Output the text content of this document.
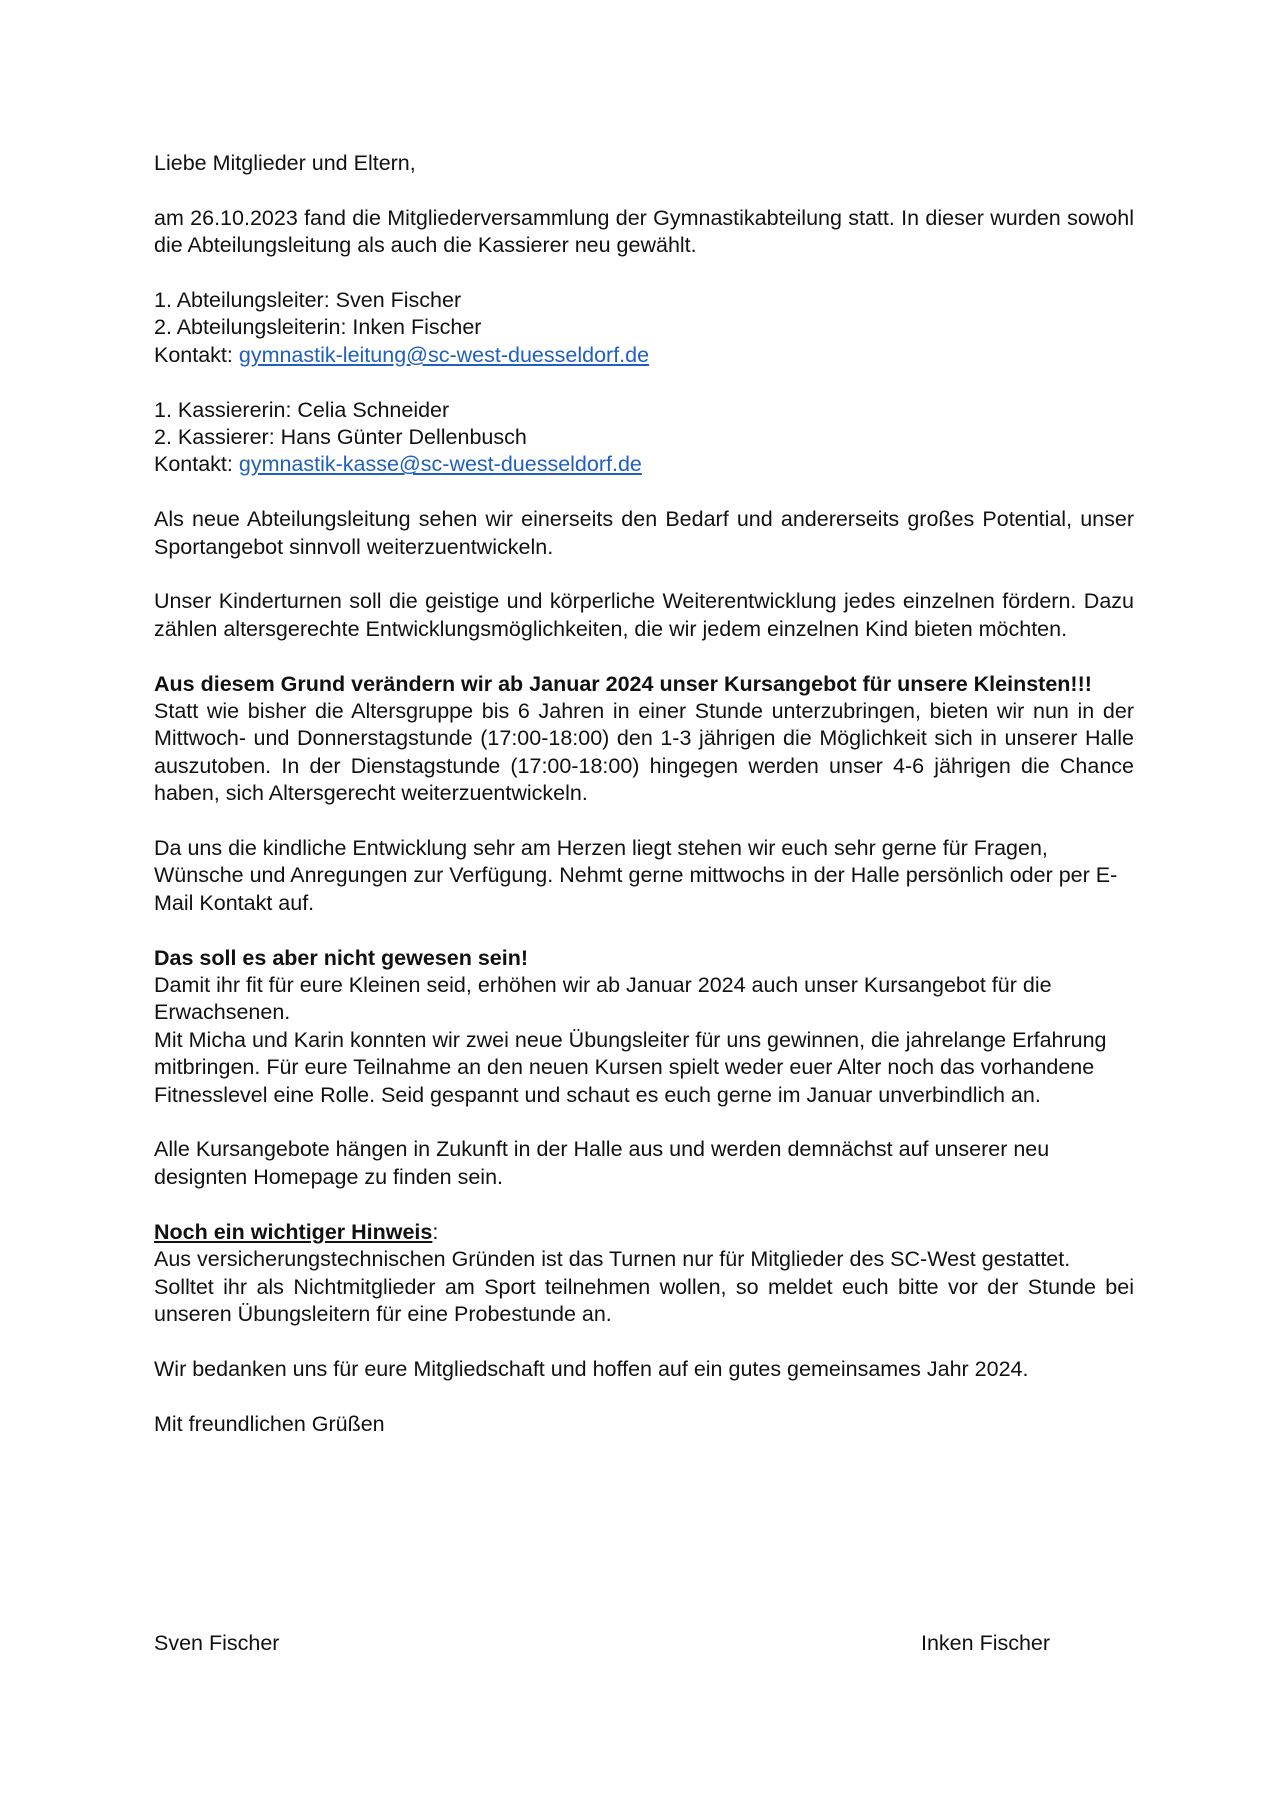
Liebe Mitglieder und Eltern,

am 26.10.2023 fand die Mitgliederversammlung der Gymnastikabteilung statt. In dieser wurden sowohl die Abteilungsleitung als auch die Kassierer neu gewählt.

1. Abteilungsleiter: Sven Fischer
2. Abteilungsleiterin: Inken Fischer
Kontakt: gymnastik-leitung@sc-west-duesseldorf.de

1. Kassiererin: Celia Schneider
2. Kassierer: Hans Günter Dellenbusch
Kontakt: gymnastik-kasse@sc-west-duesseldorf.de

Als neue Abteilungsleitung sehen wir einerseits den Bedarf und andererseits großes Potential, unser Sportangebot sinnvoll weiterzuentwickeln.

Unser Kinderturnen soll die geistige und körperliche Weiterentwicklung jedes einzelnen fördern. Dazu zählen altersgerechte Entwicklungsmöglichkeiten, die wir jedem einzelnen Kind bieten möchten.

Aus diesem Grund verändern wir ab Januar 2024 unser Kursangebot für unsere Kleinsten!!!
Statt wie bisher die Altersgruppe bis 6 Jahren in einer Stunde unterzubringen, bieten wir nun in der Mittwoch- und Donnerstagstunde (17:00-18:00) den 1-3 jährigen die Möglichkeit sich in unserer Halle auszutoben. In der Dienstagstunde (17:00-18:00) hingegen werden unser 4-6 jährigen die Chance haben, sich Altersgerecht weiterzuentwickeln.

Da uns die kindliche Entwicklung sehr am Herzen liegt stehen wir euch sehr gerne für Fragen, Wünsche und Anregungen zur Verfügung. Nehmt gerne mittwochs in der Halle persönlich oder per E-Mail Kontakt auf.

Das soll es aber nicht gewesen sein!
Damit ihr fit für eure Kleinen seid, erhöhen wir ab Januar 2024 auch unser Kursangebot für die Erwachsenen.
Mit Micha und Karin konnten wir zwei neue Übungsleiter für uns gewinnen, die jahrelange Erfahrung mitbringen. Für eure Teilnahme an den neuen Kursen spielt weder euer Alter noch das vorhandene Fitnesslevel eine Rolle. Seid gespannt und schaut es euch gerne im Januar unverbindlich an.

Alle Kursangebote hängen in Zukunft in der Halle aus und werden demnächst auf unserer neu designten Homepage zu finden sein.

Noch ein wichtiger Hinweis:
Aus versicherungstechnischen Gründen ist das Turnen nur für Mitglieder des SC-West gestattet.
Solltet ihr als Nichtmitglieder am Sport teilnehmen wollen, so meldet euch bitte vor der Stunde bei unseren Übungsleitern für eine Probestunde an.

Wir bedanken uns für eure Mitgliedschaft und hoffen auf ein gutes gemeinsames Jahr 2024.

Mit freundlichen Grüßen

Sven Fischer	Inken Fischer
